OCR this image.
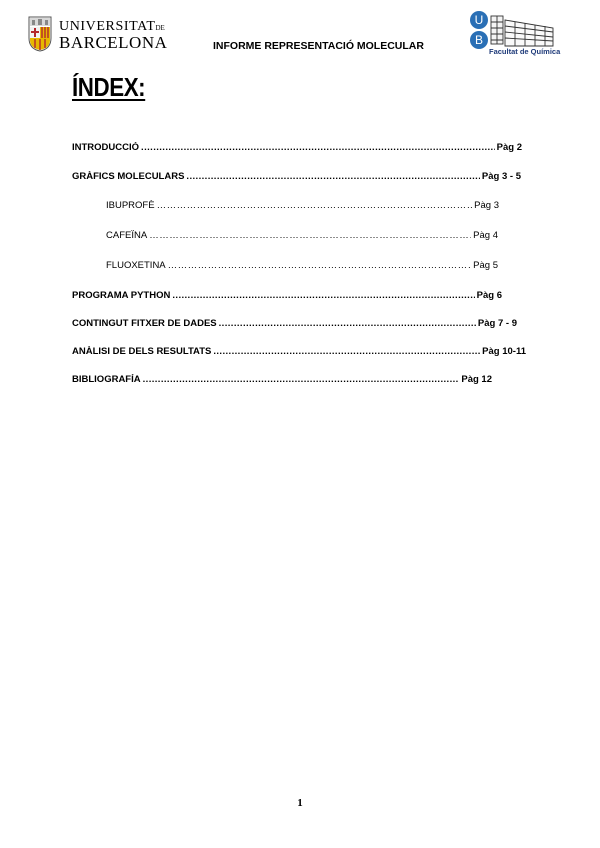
UNIVERSITATDE
BARCELONA	INFORME REPRESENTACIÓ MOLECULAR
U
B
Facultat de Química
ÍNDEX:
INTRODUCCIÓ .....	Pàg 2
GRÀFICS MOLECULARS .....	Pàg 3 - 5
IBUPROFÈ …………………………………………………………………………………………………………………………………………	Pàg 3
CAFEÏNA …………………………………………………………………………………………………………………………………………	Pàg 4
FLUOXETINA …………………………………………………………………………………………………………………………………………	Pàg 5
PROGRAMA PYTHON .....	Pàg 6
CONTINGUT FITXER DE DADES .....	Pàg 7 - 9
ANÀLISI DE DELS RESULTATS .....	Pàg 10-11
BIBLIOGRAFÍA .....	Pàg 12
1
